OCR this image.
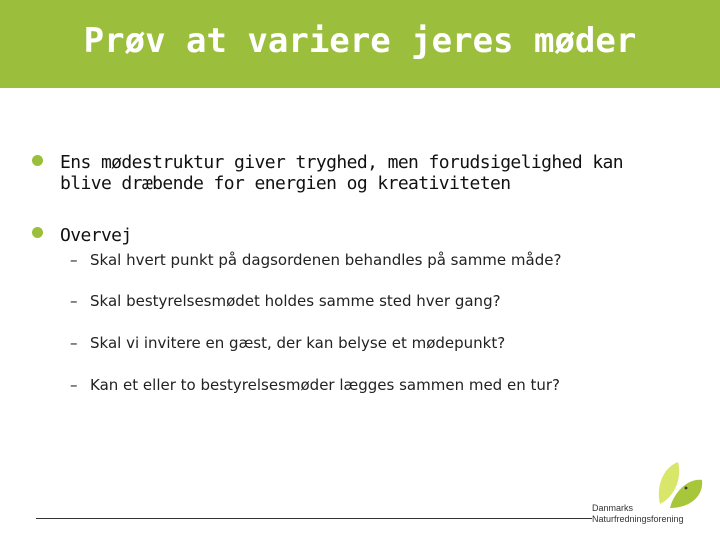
Prøv at variere jeres møder
Ens mødestruktur giver tryghed, men forudsigelighed kan
blive dræbende for energien og kreativiteten
Overvej
– Skal hvert punkt på dagsordenen behandles på samme måde?
– Skal bestyrelsesmødet holdes samme sted hver gang?
– Skal vi invitere en gæst, der kan belyse et mødepunkt?
– Kan et eller to bestyrelsesmøder lægges sammen med en tur?
Danmarks
Naturfredningsforening
